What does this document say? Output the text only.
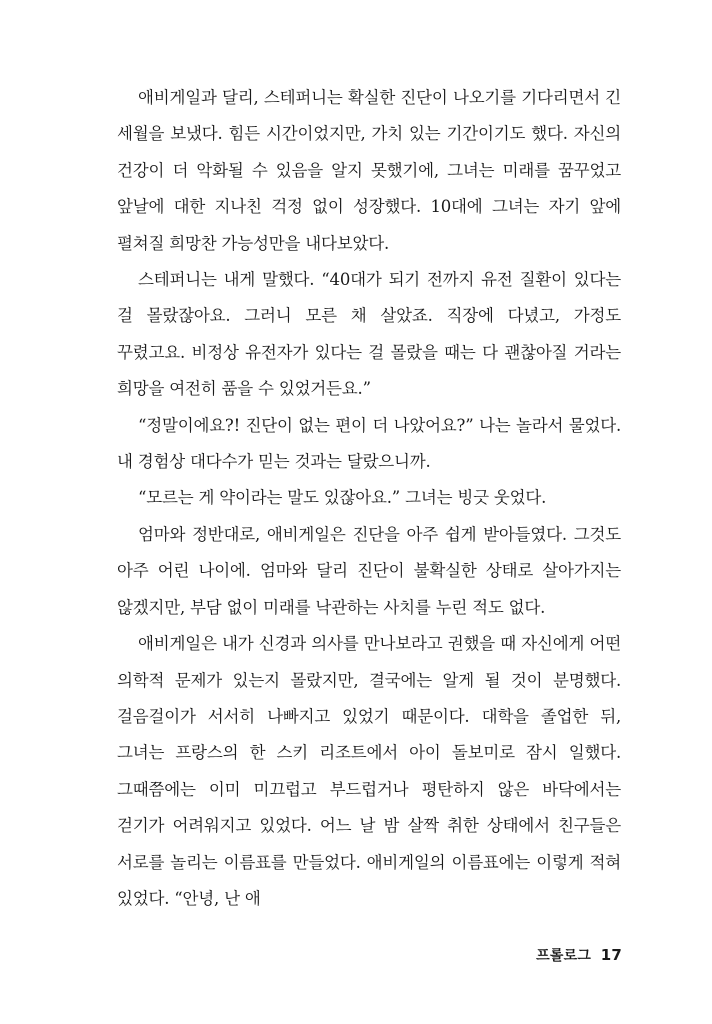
애비게일과 달리, 스테퍼니는 확실한 진단이 나오기를 기다리면서 긴 세월을 보냈다. 힘든 시간이었지만, 가치 있는 기간이기도 했다. 자신의 건강이 더 악화될 수 있음을 알지 못했기에, 그녀는 미래를 꿈꾸었고 앞날에 대한 지나친 걱정 없이 성장했다. 10대에 그녀는 자기 앞에 펼쳐질 희망찬 가능성만을 내다보았다.

스테퍼니는 내게 말했다. “40대가 되기 전까지 유전 질환이 있다는 걸 몰랐잖아요. 그러니 모른 채 살았죠. 직장에 다녔고, 가정도 꾸렸고요. 비정상 유전자가 있다는 걸 몰랐을 때는 다 괜찮아질 거라는 희망을 여전히 품을 수 있었거든요.”

“정말이에요?! 진단이 없는 편이 더 나았어요?” 나는 놀라서 물었다. 내 경험상 대다수가 믿는 것과는 달랐으니까.

“모르는 게 약이라는 말도 있잖아요.” 그녀는 빙긋 웃었다.

엄마와 정반대로, 애비게일은 진단을 아주 쉽게 받아들였다. 그것도 아주 어린 나이에. 엄마와 달리 진단이 불확실한 상태로 살아가지는 않겠지만, 부담 없이 미래를 낙관하는 사치를 누린 적도 없다.

애비게일은 내가 신경과 의사를 만나보라고 권했을 때 자신에게 어떤 의학적 문제가 있는지 몰랐지만, 결국에는 알게 될 것이 분명했다. 걸음걸이가 서서히 나빠지고 있었기 때문이다. 대학을 졸업한 뒤, 그녀는 프랑스의 한 스키 리조트에서 아이 돌보미로 잠시 일했다. 그때쯤에는 이미 미끄럽고 부드럽거나 평탄하지 않은 바닥에서는 걷기가 어려워지고 있었다. 어느 날 밤 살짝 취한 상태에서 친구들은 서로를 놀리는 이름표를 만들었다. 애비게일의 이름표에는 이렇게 적혀 있었다. “안녕, 난 애

프롤로그 17
